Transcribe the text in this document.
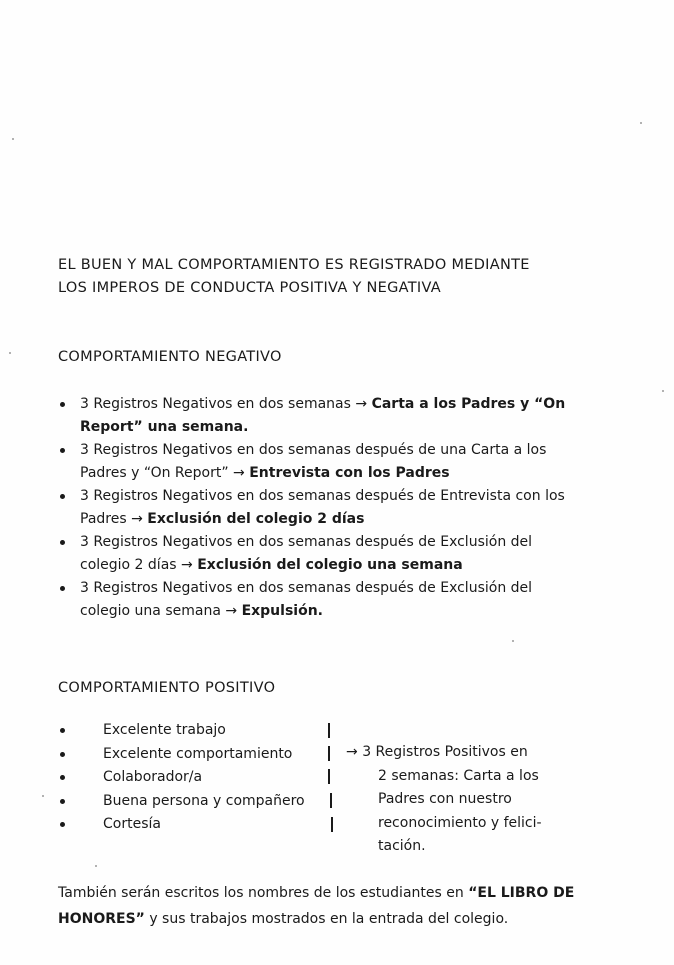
EL BUEN Y MAL COMPORTAMIENTO ES REGISTRADO MEDIANTE LOS IMPEROS DE CONDUCTA POSITIVA Y NEGATIVA
COMPORTAMIENTO NEGATIVO
3 Registros Negativos en dos semanas → Carta a los Padres y “On Report” una semana.
3 Registros Negativos en dos semanas después de una Carta a los Padres y “On Report” → Entrevista con los Padres
3 Registros Negativos en dos semanas después de Entrevista con los Padres → Exclusión del colegio 2 días
3 Registros Negativos en dos semanas después de Exclusión del colegio 2 días → Exclusión del colegio una semana
3 Registros Negativos en dos semanas después de Exclusión del colegio una semana → Expulsión.
COMPORTAMIENTO POSITIVO
Excelente trabajo
Excelente comportamiento
Colaborador/a
Buena persona y compañero
Cortesía
→ 3 Registros Positivos en
2 semanas: Carta a los
Padres con nuestro
reconocimiento y felici-
tación.

También serán escritos los nombres de los estudiantes en “EL LIBRO DE HONORES” y sus trabajos mostrados en la entrada del colegio.
